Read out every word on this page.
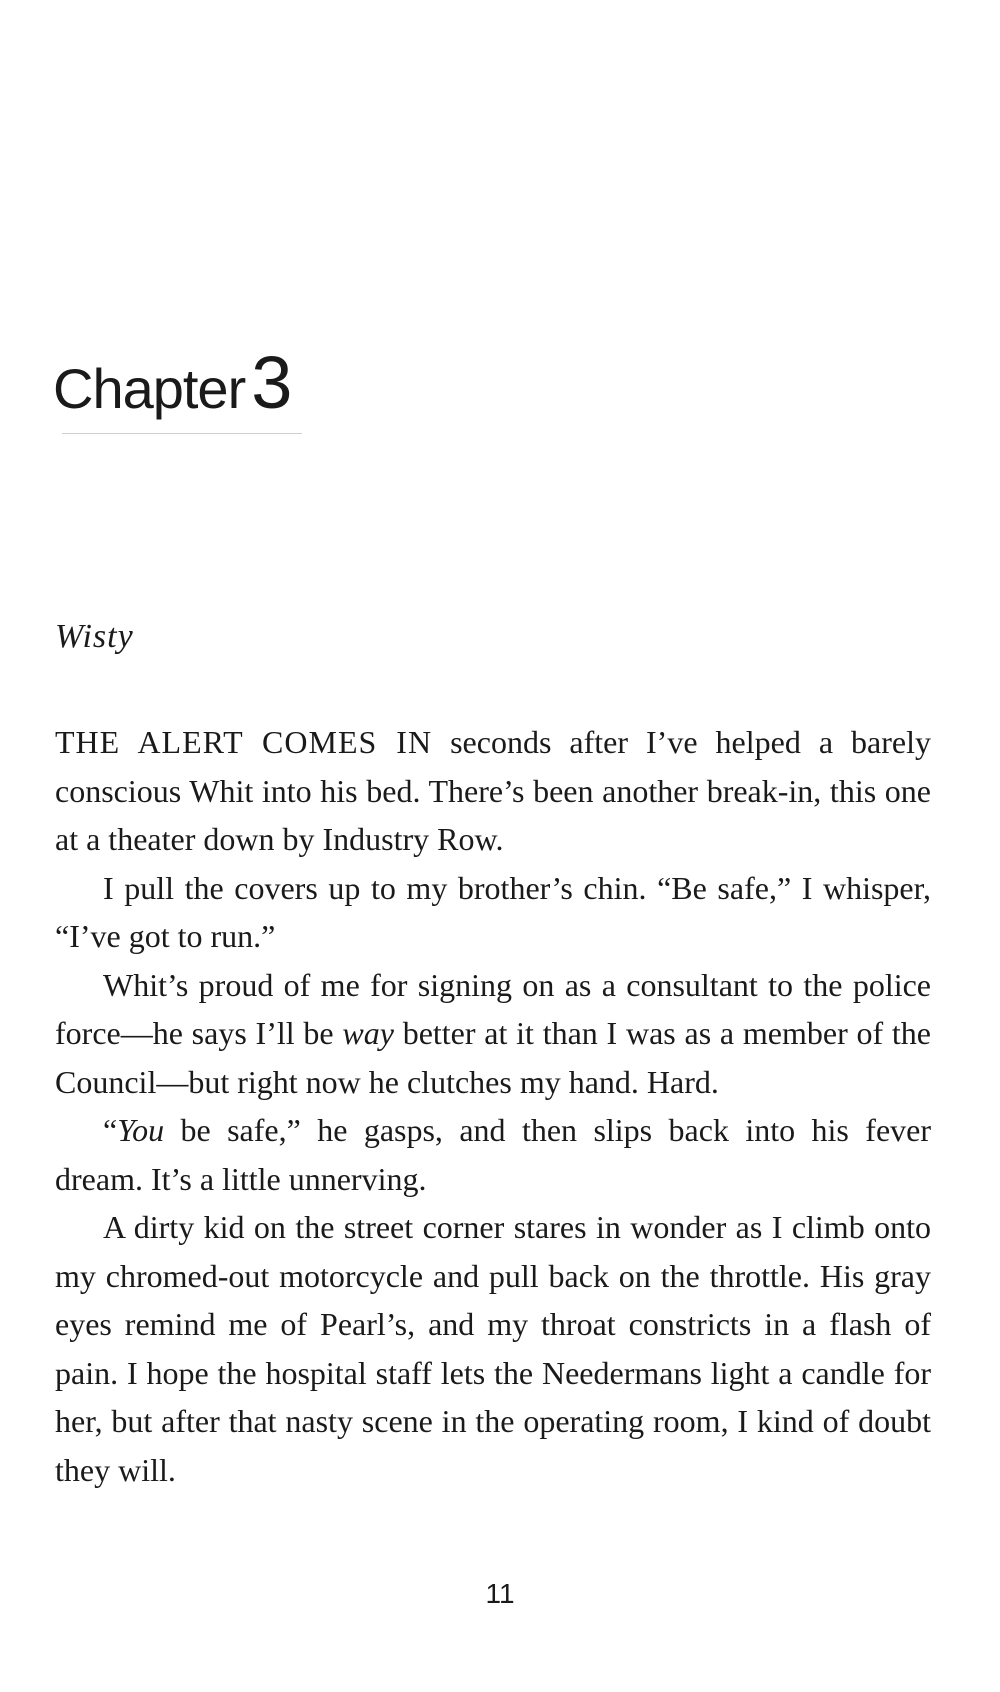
Chapter3
Wisty

THE ALERT COMES IN seconds after I’ve helped a barely conscious Whit into his bed. There’s been another break-in, this one at a theater down by Industry Row.

I pull the covers up to my brother’s chin. “Be safe,” I whisper, “I’ve got to run.”

Whit’s proud of me for signing on as a consultant to the police force—he says I’ll be way better at it than I was as a member of the Council—but right now he clutches my hand. Hard.

“You be safe,” he gasps, and then slips back into his fever dream. It’s a little unnerving.

A dirty kid on the street corner stares in wonder as I climb onto my chromed-out motorcycle and pull back on the throttle. His gray eyes remind me of Pearl’s, and my throat constricts in a flash of pain. I hope the hospital staff lets the Needermans light a candle for her, but after that nasty scene in the operating room, I kind of doubt they will.

11
